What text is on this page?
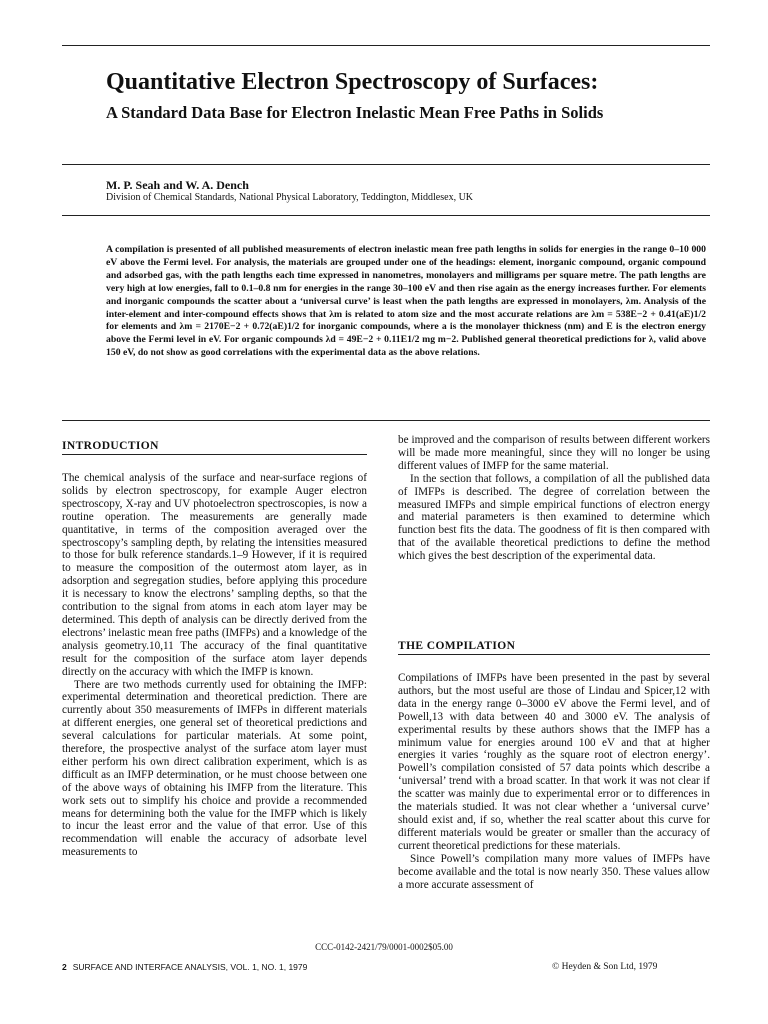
Quantitative Electron Spectroscopy of Surfaces:
A Standard Data Base for Electron Inelastic Mean Free Paths in Solids

M. P. Seah and W. A. Dench

Division of Chemical Standards, National Physical Laboratory, Teddington, Middlesex, UK

A compilation is presented of all published measurements of electron inelastic mean free path lengths in solids for energies in the range 0–10 000 eV above the Fermi level. For analysis, the materials are grouped under one of the headings: element, inorganic compound, organic compound and adsorbed gas, with the path lengths each time expressed in nanometres, monolayers and milligrams per square metre. The path lengths are very high at low energies, fall to 0.1–0.8 nm for energies in the range 30–100 eV and then rise again as the energy increases further. For elements and inorganic compounds the scatter about a ‘universal curve’ is least when the path lengths are expressed in monolayers, λm. Analysis of the inter-element and inter-compound effects shows that λm is related to atom size and the most accurate relations are λm = 538E−2 + 0.41(aE)1/2 for elements and λm = 2170E−2 + 0.72(aE)1/2 for inorganic compounds, where a is the monolayer thickness (nm) and E is the electron energy above the Fermi level in eV. For organic compounds λd = 49E−2 + 0.11E1/2 mg m−2. Published general theoretical predictions for λ, valid above 150 eV, do not show as good correlations with the experimental data as the above relations.

INTRODUCTION

The chemical analysis of the surface and near-surface regions of solids by electron spectroscopy, for example Auger electron spectroscopy, X-ray and UV photoelectron spectroscopies, is now a routine operation. The measurements are generally made quantitative, in terms of the composition averaged over the spectroscopy’s sampling depth, by relating the intensities measured to those for bulk reference standards.1–9 However, if it is required to measure the composition of the outermost atom layer, as in adsorption and segregation studies, before applying this procedure it is necessary to know the electrons’ sampling depths, so that the contribution to the signal from atoms in each atom layer may be determined. This depth of analysis can be directly derived from the electrons’ inelastic mean free paths (IMFPs) and a knowledge of the analysis geometry.10,11 The accuracy of the final quantitative result for the composition of the surface atom layer depends directly on the accuracy with which the IMFP is known.

There are two methods currently used for obtaining the IMFP: experimental determination and theoretical prediction. There are currently about 350 measurements of IMFPs in different materials at different energies, one general set of theoretical predictions and several calculations for particular materials. At some point, therefore, the prospective analyst of the surface atom layer must either perform his own direct calibration experiment, which is as difficult as an IMFP determination, or he must choose between one of the above ways of obtaining his IMFP from the literature. This work sets out to simplify his choice and provide a recommended means for determining both the value for the IMFP which is likely to incur the least error and the value of that error. Use of this recommendation will enable the accuracy of adsorbate level measurements to

be improved and the comparison of results between different workers will be made more meaningful, since they will no longer be using different values of IMFP for the same material.

In the section that follows, a compilation of all the published data of IMFPs is described. The degree of correlation between the measured IMFPs and simple empirical functions of electron energy and material parameters is then examined to determine which function best fits the data. The goodness of fit is then compared with that of the available theoretical predictions to define the method which gives the best description of the experimental data.

THE COMPILATION

Compilations of IMFPs have been presented in the past by several authors, but the most useful are those of Lindau and Spicer,12 with data in the energy range 0–3000 eV above the Fermi level, and of Powell,13 with data between 40 and 3000 eV. The analysis of experimental results by these authors shows that the IMFP has a minimum value for energies around 100 eV and that at higher energies it varies ‘roughly as the square root of electron energy’. Powell’s compilation consisted of 57 data points which describe a ‘universal’ trend with a broad scatter. In that work it was not clear if the scatter was mainly due to experimental error or to differences in the materials studied. It was not clear whether a ‘universal curve’ should exist and, if so, whether the real scatter about this curve for different materials would be greater or smaller than the accuracy of current theoretical predictions for these materials.

Since Powell’s compilation many more values of IMFPs have become available and the total is now nearly 350. These values allow a more accurate assessment of

CCC-0142-2421/79/0001-0002$05.00

2 SURFACE AND INTERFACE ANALYSIS, VOL. 1, NO. 1, 1979	© Heyden & Son Ltd, 1979
